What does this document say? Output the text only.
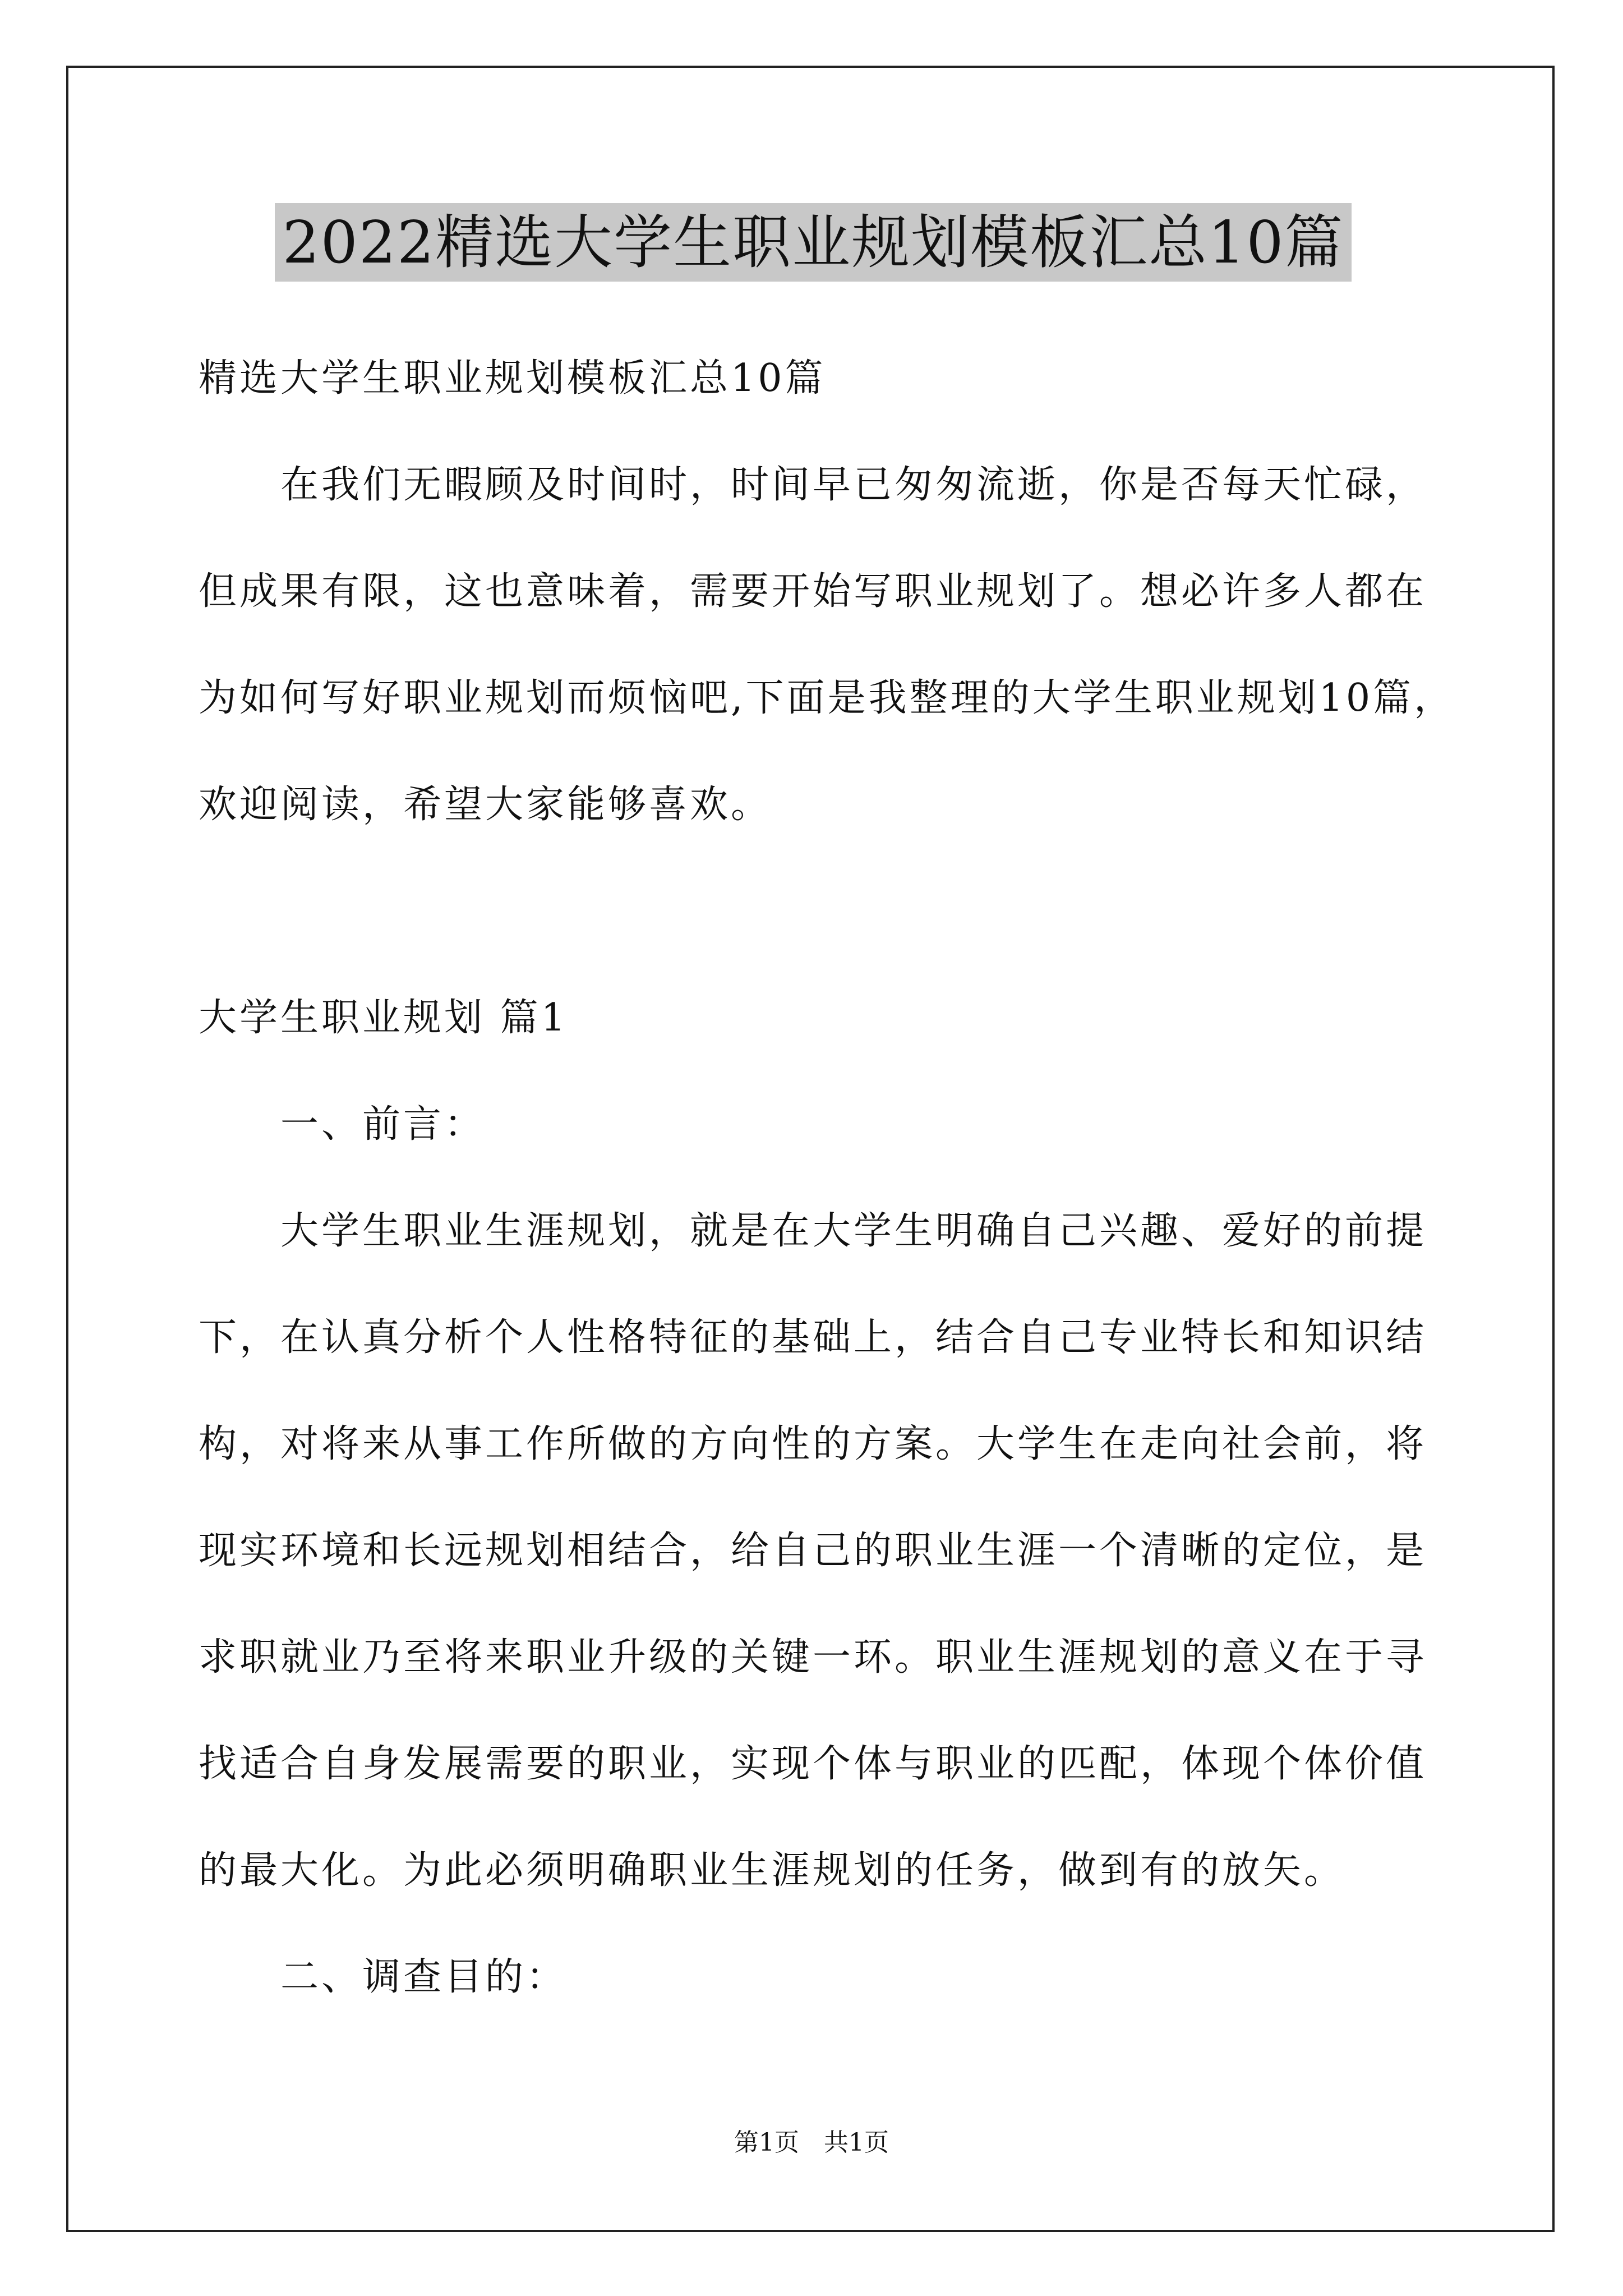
2022精选大学生职业规划模板汇总10篇
精选大学生职业规划模板汇总10篇
　　在我们无暇顾及时间时，时间早已匆匆流逝，你是否每天忙碌，
但成果有限，这也意味着，需要开始写职业规划了。想必许多人都在
为如何写好职业规划而烦恼吧,下面是我整理的大学生职业规划10篇，
欢迎阅读，希望大家能够喜欢。
大学生职业规划 篇1
　　一、前言：
　　大学生职业生涯规划，就是在大学生明确自己兴趣、爱好的前提
下，在认真分析个人性格特征的基础上，结合自己专业特长和知识结
构，对将来从事工作所做的方向性的方案。大学生在走向社会前，将
现实环境和长远规划相结合，给自己的职业生涯一个清晰的定位，是
求职就业乃至将来职业升级的关键一环。职业生涯规划的意义在于寻
找适合自身发展需要的职业，实现个体与职业的匹配，体现个体价值
的最大化。为此必须明确职业生涯规划的任务，做到有的放矢。
　　二、调查目的：
第1页　共1页
